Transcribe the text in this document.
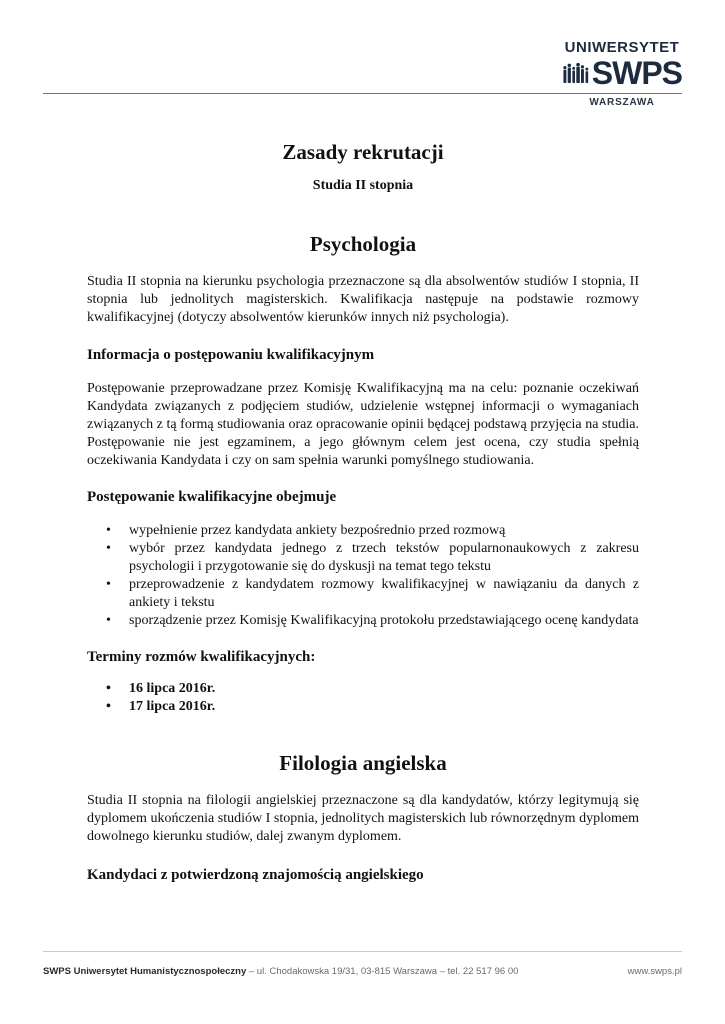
UNIWERSYTET
SWPS
WARSZAWA
Zasady rekrutacji
Studia II stopnia
Psychologia

Studia II stopnia na kierunku psychologia przeznaczone są dla absolwentów studiów I stopnia, II stopnia lub jednolitych magisterskich. Kwalifikacja następuje na podstawie rozmowy kwalifikacyjnej (dotyczy absolwentów kierunków innych niż psychologia).

Informacja o postępowaniu kwalifikacyjnym

Postępowanie przeprowadzane przez Komisję Kwalifikacyjną ma na celu: poznanie oczekiwań Kandydata związanych z podjęciem studiów, udzielenie wstępnej informacji o wymaganiach związanych z tą formą studiowania oraz opracowanie opinii będącej podstawą przyjęcia na studia. Postępowanie nie jest egzaminem, a jego głównym celem jest ocena, czy studia spełnią oczekiwania Kandydata i czy on sam spełnia warunki pomyślnego studiowania.

Postępowanie kwalifikacyjne obejmuje
• wypełnienie przez kandydata ankiety bezpośrednio przed rozmową
• wybór przez kandydata jednego z trzech tekstów popularnonaukowych z zakresu psychologii i przygotowanie się do dyskusji na temat tego tekstu
• przeprowadzenie z kandydatem rozmowy kwalifikacyjnej w nawiązaniu da danych z ankiety i tekstu
• sporządzenie przez Komisję Kwalifikacyjną protokołu przedstawiającego ocenę kandydata
Terminy rozmów kwalifikacyjnych:
• 16 lipca 2016r.
• 17 lipca 2016r.
Filologia angielska

Studia II stopnia na filologii angielskiej przeznaczone są dla kandydatów, którzy legitymują się dyplomem ukończenia studiów I stopnia, jednolitych magisterskich lub równorzędnym dyplomem dowolnego kierunku studiów, dalej zwanym dyplomem.

Kandydaci z potwierdzoną znajomością angielskiego
SWPS Uniwersytet Humanistycznospołeczny – ul. Chodakowska 19/31, 03-815 Warszawa – tel. 22 517 96 00	www.swps.pl
